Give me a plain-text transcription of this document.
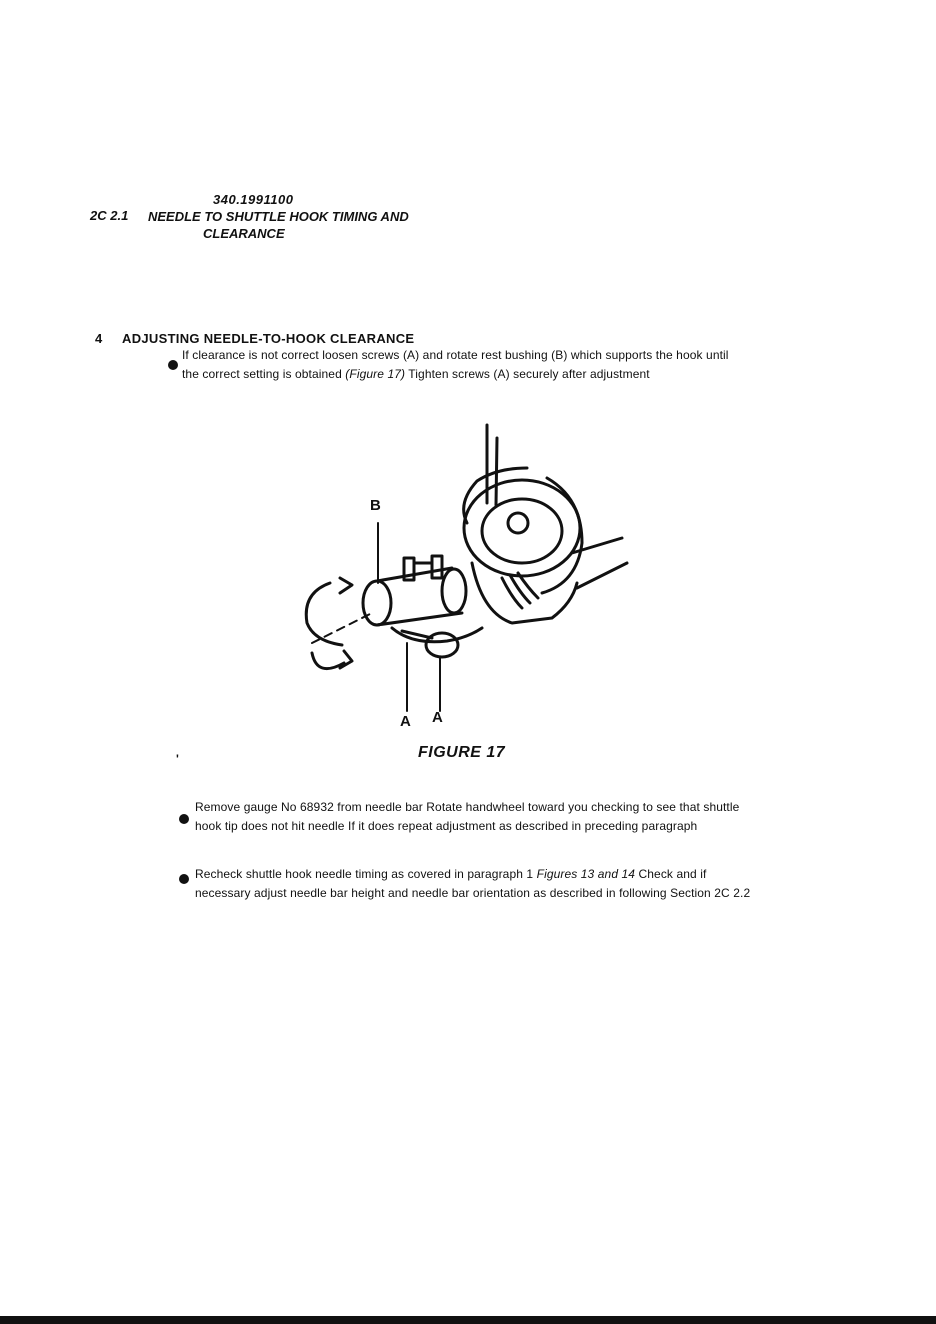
340.1991100
2C 2.1 NEEDLE TO SHUTTLE HOOK TIMING AND
CLEARANCE
4 ADJUSTING NEEDLE-TO-HOOK CLEARANCE
If clearance is not correct loosen screws (A) and rotate rest bushing (B) which supports the hook until the correct setting is obtained (Figure 17) Tighten screws (A) securely after adjustment
B
A A
'	FIGURE 17
Remove gauge No 68932 from needle bar Rotate handwheel toward you checking to see that shuttle hook tip does not hit needle If it does repeat adjustment as described in preceding paragraph
Recheck shuttle hook needle timing as covered in paragraph 1 Figures 13 and 14 Check and if necessary adjust needle bar height and needle bar orientation as described in following Section 2C 2.2
